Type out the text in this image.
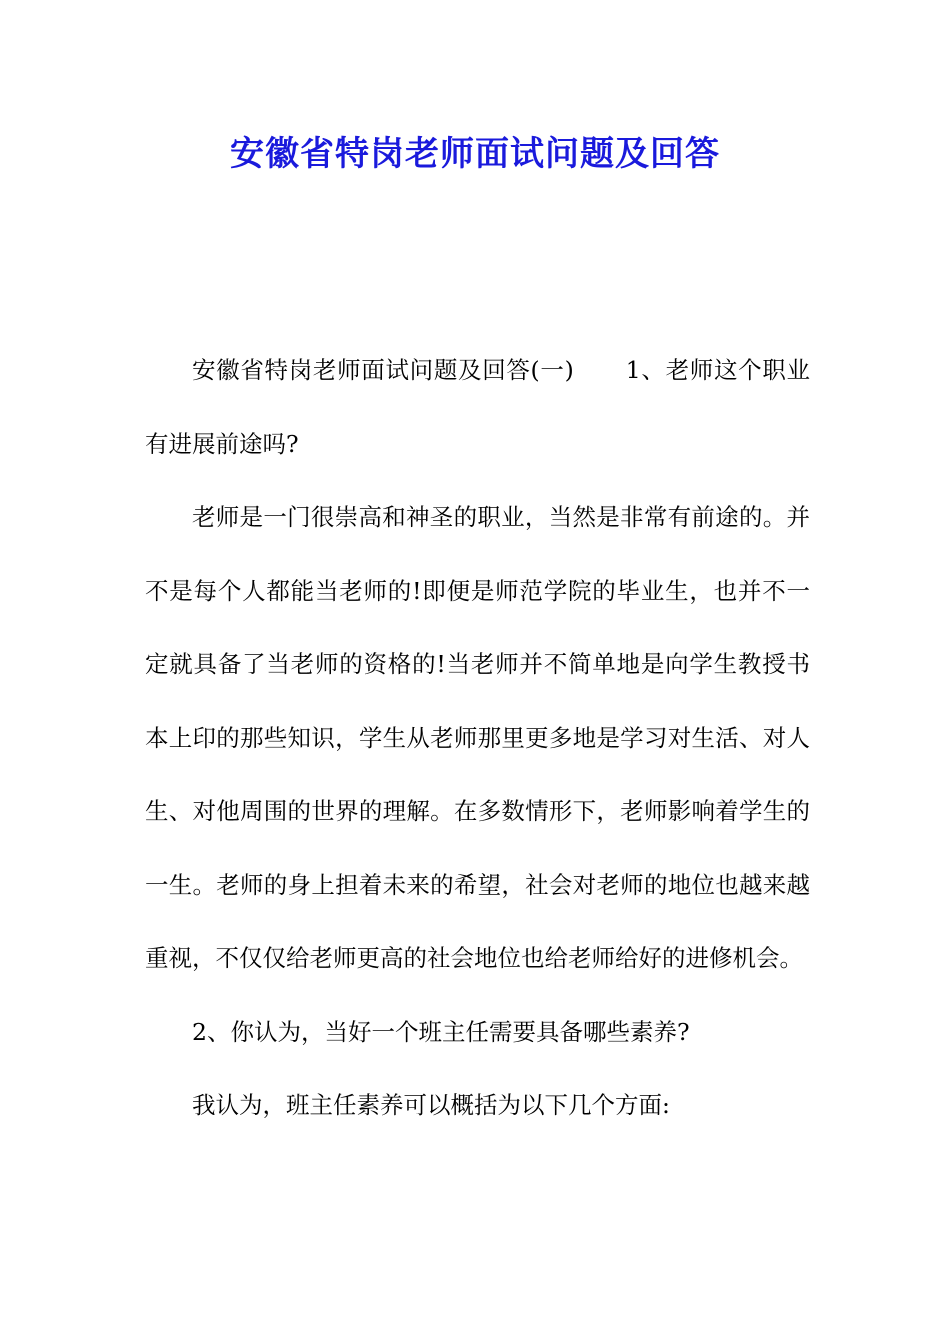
安徽省特岗老师面试问题及回答

安徽省特岗老师面试问题及回答(一) 1、老师这个职业有进展前途吗?

老师是一门很崇高和神圣的职业，当然是非常有前途的。并不是每个人都能当老师的!即便是师范学院的毕业生，也并不一定就具备了当老师的资格的!当老师并不简单地是向学生教授书本上印的那些知识，学生从老师那里更多地是学习对生活、对人生、对他周围的世界的理解。在多数情形下，老师影响着学生的一生。老师的身上担着未来的希望，社会对老师的地位也越来越重视，不仅仅给老师更高的社会地位也给老师给好的进修机会。

2、你认为，当好一个班主任需要具备哪些素养?

我认为，班主任素养可以概括为以下几个方面:
